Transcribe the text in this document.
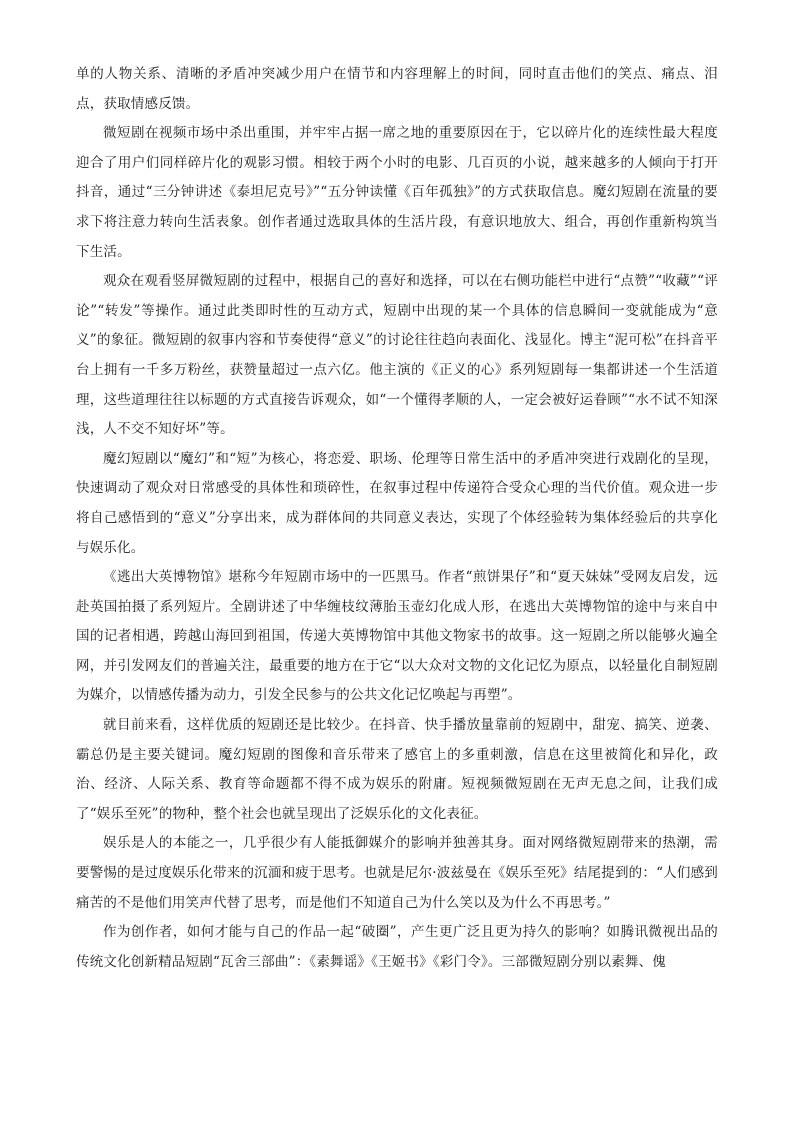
单的人物关系、清晰的矛盾冲突减少用户在情节和内容理解上的时间，同时直击他们的笑点、痛点、泪点，获取情感反馈。

微短剧在视频市场中杀出重围，并牢牢占据一席之地的重要原因在于，它以碎片化的连续性最大程度迎合了用户们同样碎片化的观影习惯。相较于两个小时的电影、几百页的小说，越来越多的人倾向于打开抖音，通过“三分钟讲述《泰坦尼克号》”“五分钟读懂《百年孤独》”的方式获取信息。魔幻短剧在流量的要求下将注意力转向生活表象。创作者通过选取具体的生活片段，有意识地放大、组合，再创作重新构筑当下生活。

观众在观看竖屏微短剧的过程中，根据自己的喜好和选择，可以在右侧功能栏中进行“点赞”“收藏”“评论”“转发”等操作。通过此类即时性的互动方式，短剧中出现的某一个具体的信息瞬间一变就能成为“意义”的象征。微短剧的叙事内容和节奏使得“意义”的讨论往往趋向表面化、浅显化。博主“泥可松”在抖音平台上拥有一千多万粉丝，获赞量超过一点六亿。他主演的《正义的心》系列短剧每一集都讲述一个生活道理，这些道理往往以标题的方式直接告诉观众，如“一个懂得孝顺的人，一定会被好运眷顾”“水不试不知深浅，人不交不知好坏”等。

魔幻短剧以“魔幻”和“短”为核心，将恋爱、职场、伦理等日常生活中的矛盾冲突进行戏剧化的呈现，快速调动了观众对日常感受的具体性和琐碎性，在叙事过程中传递符合受众心理的当代价值。观众进一步将自己感悟到的“意义”分享出来，成为群体间的共同意义表达，实现了个体经验转为集体经验后的共享化与娱乐化。

《逃出大英博物馆》堪称今年短剧市场中的一匹黑马。作者“煎饼果仔”和“夏天妹妹”受网友启发，远赴英国拍摄了系列短片。全剧讲述了中华缠枝纹薄胎玉壶幻化成人形，在逃出大英博物馆的途中与来自中国的记者相遇，跨越山海回到祖国，传递大英博物馆中其他文物家书的故事。这一短剧之所以能够火遍全网，并引发网友们的普遍关注，最重要的地方在于它“以大众对文物的文化记忆为原点，以轻量化自制短剧为媒介，以情感传播为动力，引发全民参与的公共文化记忆唤起与再塑”。

就目前来看，这样优质的短剧还是比较少。在抖音、快手播放量靠前的短剧中，甜宠、搞笑、逆袭、霸总仍是主要关键词。魔幻短剧的图像和音乐带来了感官上的多重刺激，信息在这里被简化和异化，政治、经济、人际关系、教育等命题都不得不成为娱乐的附庸。短视频微短剧在无声无息之间，让我们成了“娱乐至死”的物种，整个社会也就呈现出了泛娱乐化的文化表征。

娱乐是人的本能之一，几乎很少有人能抵御媒介的影响并独善其身。面对网络微短剧带来的热潮，需要警惕的是过度娱乐化带来的沉湎和疲于思考。也就是尼尔·波兹曼在《娱乐至死》结尾提到的：“人们感到痛苦的不是他们用笑声代替了思考，而是他们不知道自己为什么笑以及为什么不再思考。”

作为创作者，如何才能与自己的作品一起“破圈”，产生更广泛且更为持久的影响？如腾讯微视出品的传统文化创新精品短剧“瓦舍三部曲”：《素舞谣》《王姬书》《彩门令》。三部微短剧分别以素舞、傀
